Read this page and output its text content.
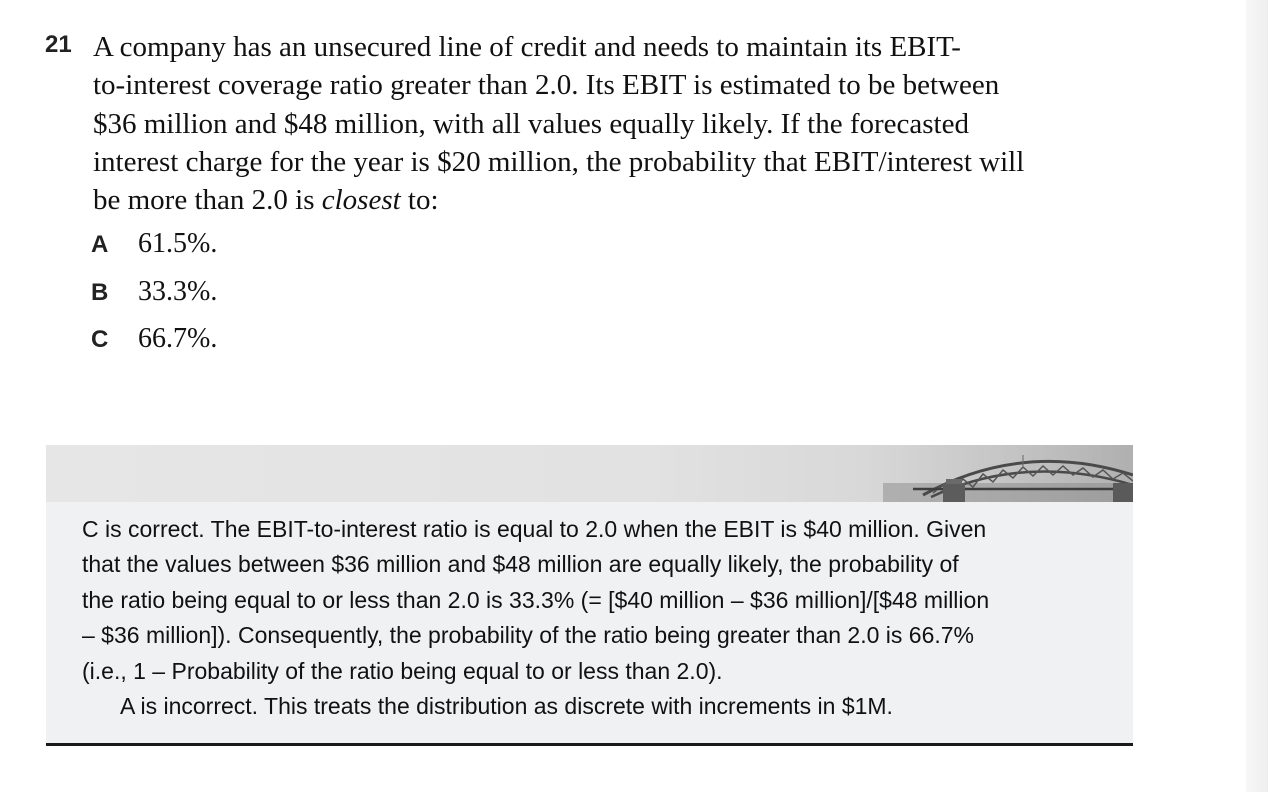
21 A company has an unsecured line of credit and needs to maintain its EBIT-
to-interest coverage ratio greater than 2.0. Its EBIT is estimated to be between
$36 million and $48 million, with all values equally likely. If the forecasted
interest charge for the year is $20 million, the probability that EBIT/interest will
be more than 2.0 is closest to:
A 61.5%.
B 33.3%.
C 66.7%.
C is correct. The EBIT-to-interest ratio is equal to 2.0 when the EBIT is $40 million. Given
that the values between $36 million and $48 million are equally likely, the probability of
the ratio being equal to or less than 2.0 is 33.3% (= [$40 million – $36 million]/[$48 million
– $36 million]). Consequently, the probability of the ratio being greater than 2.0 is 66.7%
(i.e., 1 – Probability of the ratio being equal to or less than 2.0).
A is incorrect. This treats the distribution as discrete with increments in $1M.
